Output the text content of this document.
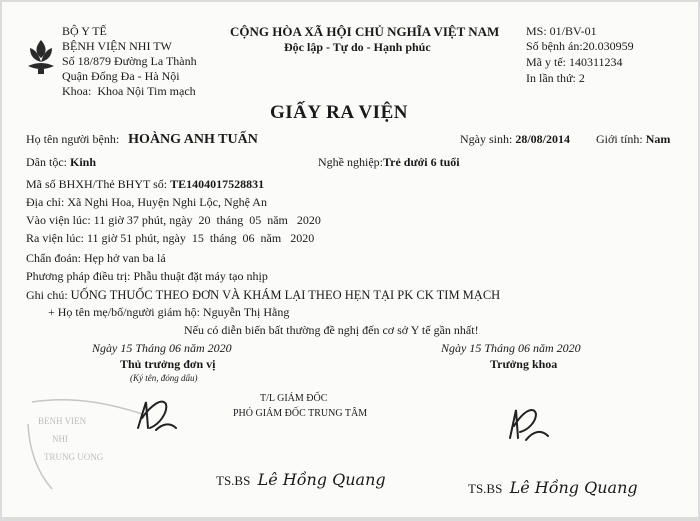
BỘ Y TẾ
BỆNH VIỆN NHI TW
Số 18/879 Đường La Thành
Quận Đống Đa - Hà Nội
Khoa: Khoa Nội Tim mạch
CỘNG HÒA XÃ HỘI CHỦ NGHĨA VIỆT NAM
Độc lập - Tự do - Hạnh phúc
MS: 01/BV-01
Số bệnh án:20.030959
Mã y tế: 140311234
In lần thứ: 2
GIẤY RA VIỆN
Họ tên người bệnh: HOÀNG ANH TUẤN	Ngày sinh: 28/08/2014 Giới tính: Nam
Dân tộc: Kinh	Nghề nghiệp:Trẻ dưới 6 tuổi
Mã số BHXH/Thẻ BHYT số: TE1404017528831
Địa chỉ: Xã Nghi Hoa, Huyện Nghi Lộc, Nghệ An
Vào viện lúc: 11 giờ 37 phút, ngày  20  tháng  05  năm   2020
Ra viện lúc: 11 giờ 51 phút, ngày  15  tháng  06  năm   2020
Chẩn đoán: Hẹp hở van ba lá
Phương pháp điều trị: Phẫu thuật đặt máy tạo nhịp
Ghi chú: UỐNG THUỐC THEO ĐƠN VÀ KHÁM LẠI THEO HẸN TẠI PK CK TIM MẠCH
+ Họ tên mẹ/bố/người giám hộ: Nguyễn Thị Hằng
Nếu có diễn biến bất thường đề nghị đến cơ sở Y tế gần nhất!
Ngày 15 Tháng 06 năm 2020
Thủ trưởng đơn vị
(Ký tên, đóng dấu)
Ngày 15 Tháng 06 năm 2020
Trưởng khoa
T/L GIÁM ĐỐC
PHÓ GIÁM ĐỐC TRUNG TÂM
BENH VIEN
NHI
TRUNG UONG
TS.BS Lê Hồng Quang	TS.BS Lê Hồng Quang
